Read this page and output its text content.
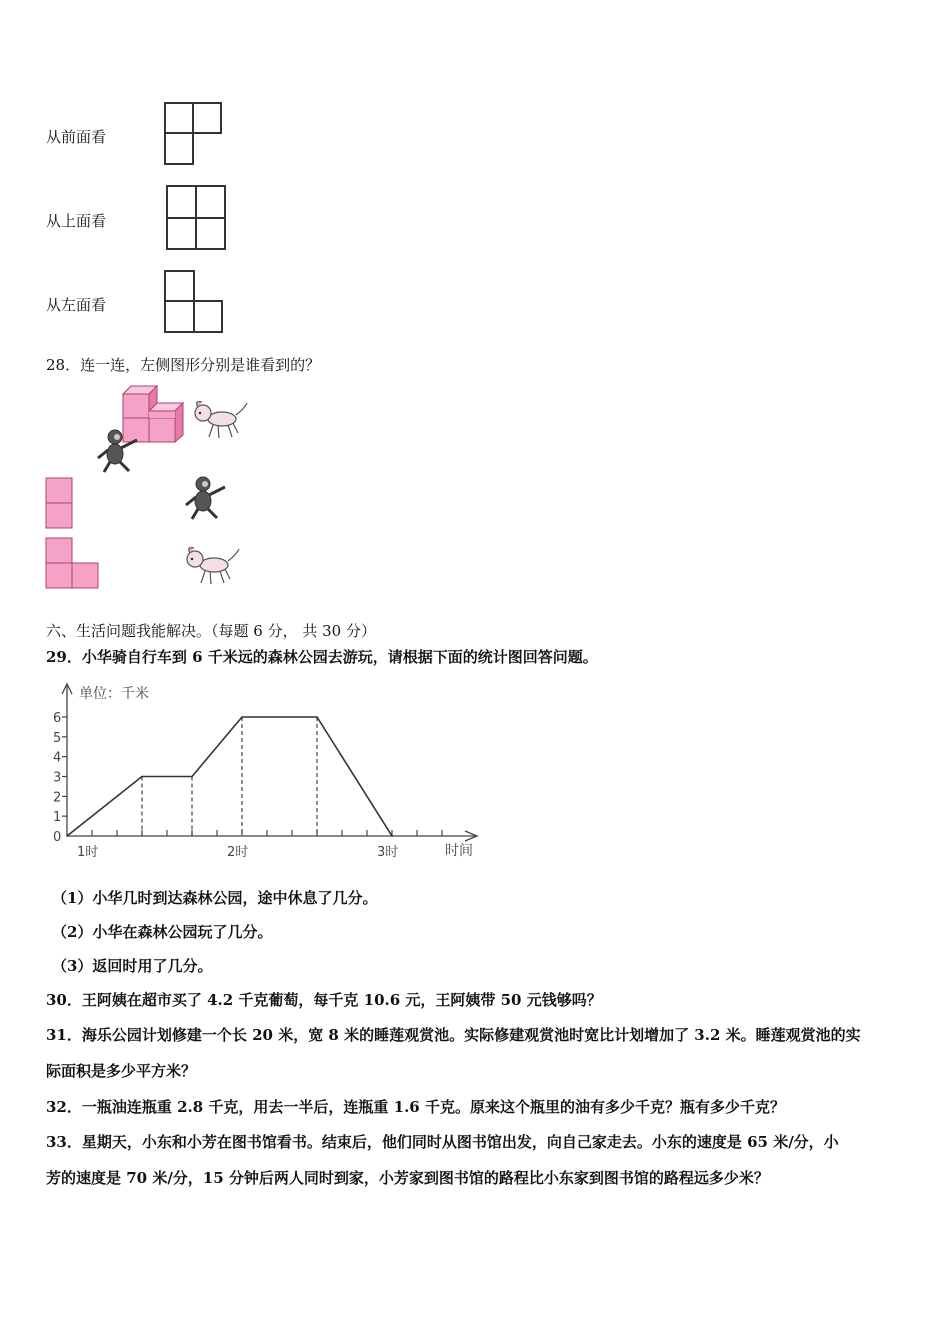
从前面看
从上面看
从左面看
28．连一连，左侧图形分别是谁看到的？
六、生活问题我能解决。（每题 6 分， 共 30 分）
29．小华骑自行车到 6 千米远的森林公园去游玩，请根据下面的统计图回答问题。
单位：千米
时间
0
1
2
3
4
5
6
1时	2时	3时
（1）小华几时到达森林公园，途中休息了几分。
（2）小华在森林公园玩了几分。
（3）返回时用了几分。
30．王阿姨在超市买了 4.2 千克葡萄，每千克 10.6 元，王阿姨带 50 元钱够吗？
31．海乐公园计划修建一个长 20 米，宽 8 米的睡莲观赏池。实际修建观赏池时宽比计划增加了 3.2 米。睡莲观赏池的实
际面积是多少平方米？
32．一瓶油连瓶重 2.8 千克，用去一半后，连瓶重 1.6 千克。原来这个瓶里的油有多少千克？瓶有多少千克？
33．星期天，小东和小芳在图书馆看书。结束后，他们同时从图书馆出发，向自己家走去。小东的速度是 65 米/分，小
芳的速度是 70 米/分，15 分钟后两人同时到家，小芳家到图书馆的路程比小东家到图书馆的路程远多少米？
